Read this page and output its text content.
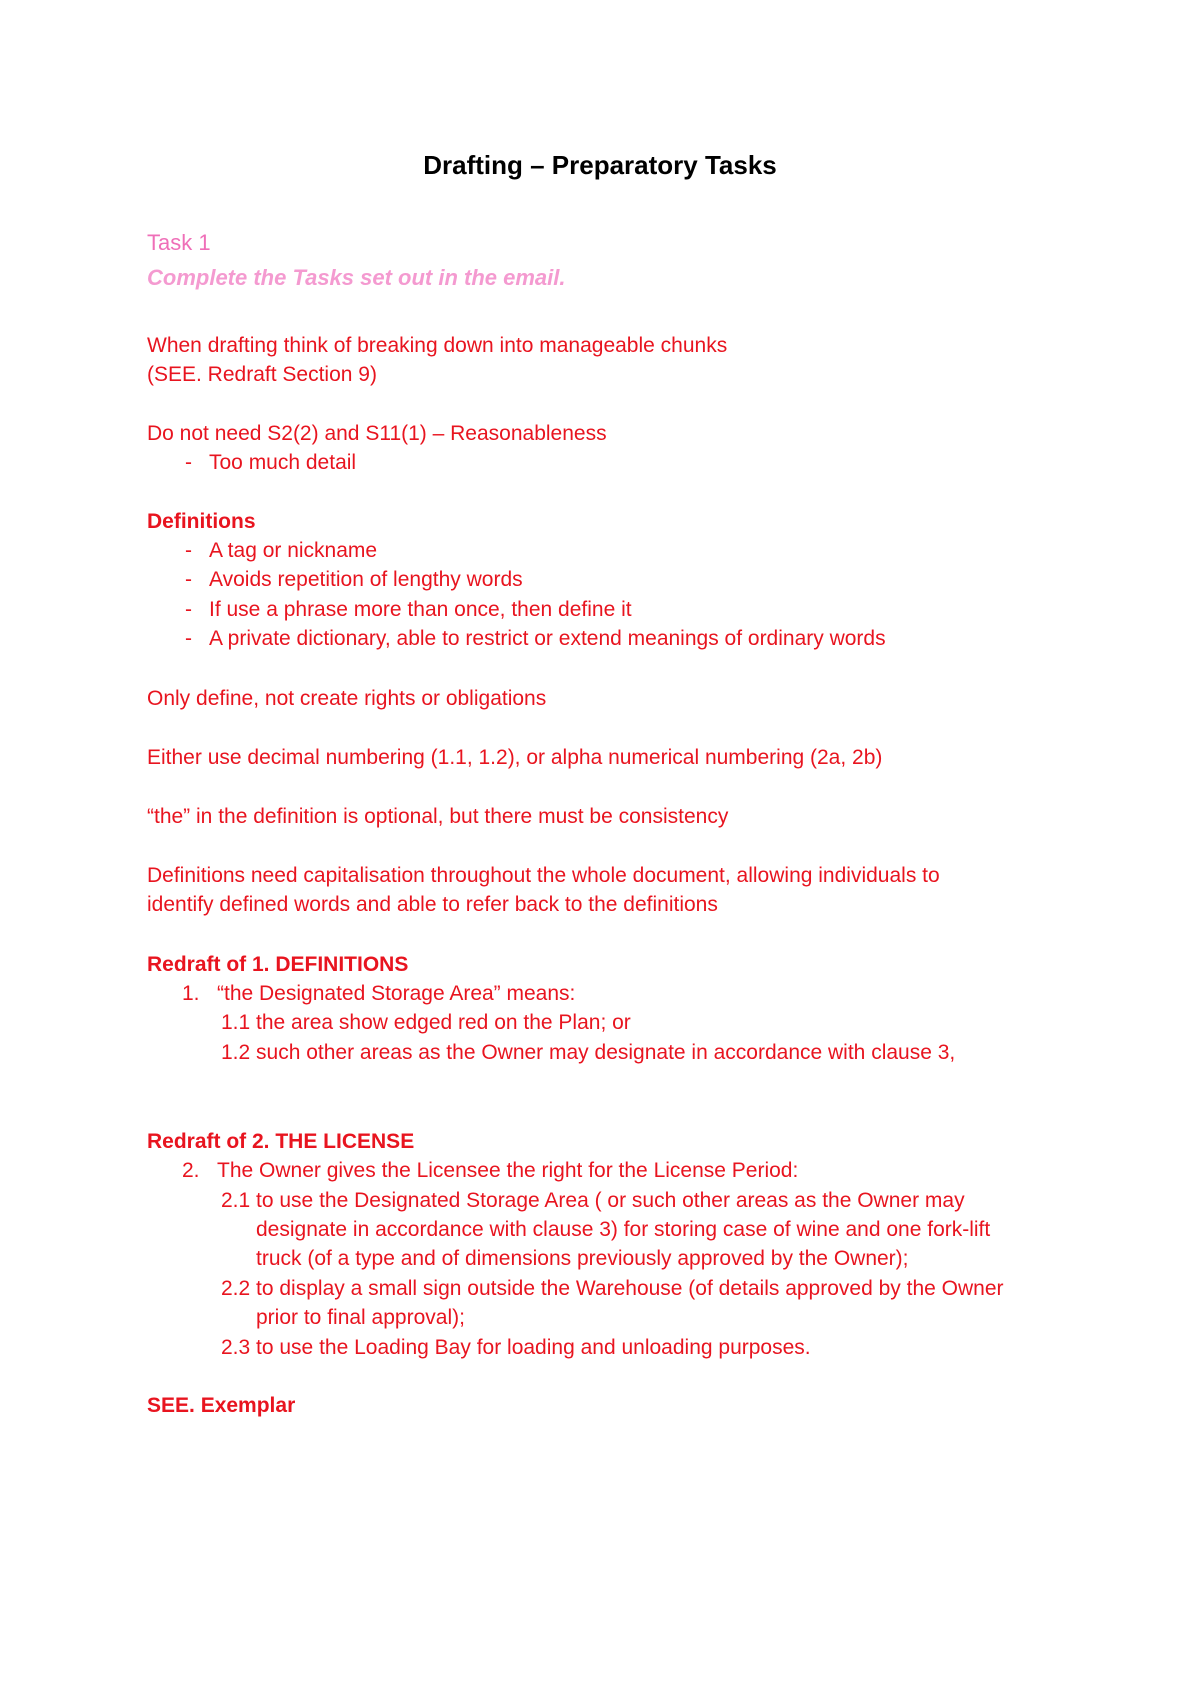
Drafting – Preparatory Tasks
Task 1
Complete the Tasks set out in the email.
When drafting think of breaking down into manageable chunks
(SEE. Redraft Section 9)
Do not need S2(2) and S11(1) – Reasonableness
- Too much detail
Definitions
- A tag or nickname
- Avoids repetition of lengthy words
- If use a phrase more than once, then define it
- A private dictionary, able to restrict or extend meanings of ordinary words
Only define, not create rights or obligations
Either use decimal numbering (1.1, 1.2), or alpha numerical numbering (2a, 2b)
“the” in the definition is optional, but there must be consistency
Definitions need capitalisation throughout the whole document, allowing individuals to
identify defined words and able to refer back to the definitions
Redraft of 1. DEFINITIONS
1. “the Designated Storage Area” means:
1.1 the area show edged red on the Plan; or
1.2 such other areas as the Owner may designate in accordance with clause 3,
Redraft of 2. THE LICENSE
2. The Owner gives the Licensee the right for the License Period:
2.1 to use the Designated Storage Area ( or such other areas as the Owner may
designate in accordance with clause 3) for storing case of wine and one fork-lift
truck (of a type and of dimensions previously approved by the Owner);
2.2 to display a small sign outside the Warehouse (of details approved by the Owner
prior to final approval);
2.3 to use the Loading Bay for loading and unloading purposes.
SEE. Exemplar
